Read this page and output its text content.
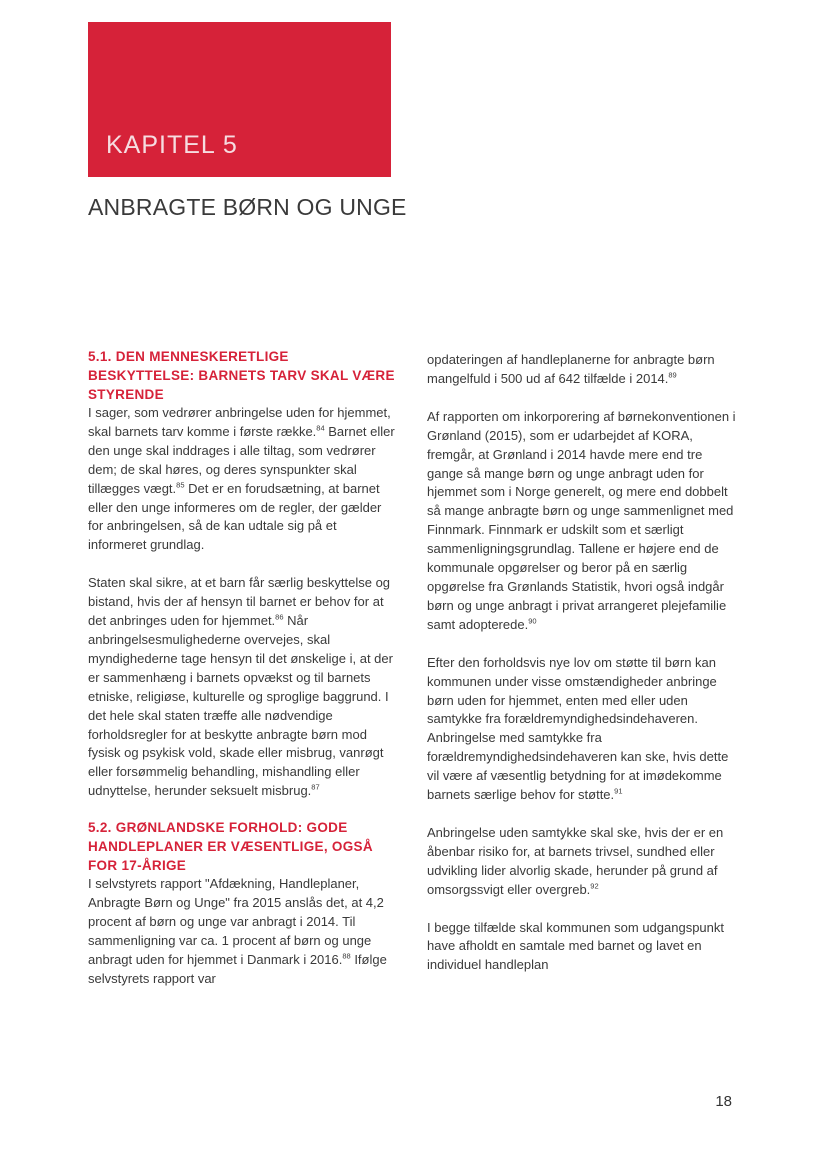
KAPITEL 5
ANBRAGTE BØRN OG UNGE
5.1. DEN MENNESKERETLIGE BESKYTTELSE: BARNETS TARV SKAL VÆRE STYRENDE

I sager, som vedrører anbringelse uden for hjemmet, skal barnets tarv komme i første række.$^{84}$ Barnet eller den unge skal inddrages i alle tiltag, som vedrører dem; de skal høres, og deres synspunkter skal tillægges vægt.$^{85}$ Det er en forudsætning, at barnet eller den unge informeres om de regler, der gælder for anbringelsen, så de kan udtale sig på et informeret grundlag.

Staten skal sikre, at et barn får særlig beskyttelse og bistand, hvis der af hensyn til barnet er behov for at det anbringes uden for hjemmet.$^{86}$ Når anbringelsesmulighederne overvejes, skal myndighederne tage hensyn til det ønskelige i, at der er sammenhæng i barnets opvækst og til barnets etniske, religiøse, kulturelle og sproglige baggrund. I det hele skal staten træffe alle nødvendige forholdsregler for at beskytte anbragte børn mod fysisk og psykisk vold, skade eller misbrug, vanrøgt eller forsømmelig behandling, mishandling eller udnyttelse, herunder seksuelt misbrug.$^{87}$

5.2. GRØNLANDSKE FORHOLD: GODE HANDLEPLANER ER VÆSENTLIGE, OGSÅ FOR 17-ÅRIGE

I selvstyrets rapport "Afdækning, Handleplaner, Anbragte Børn og Unge" fra 2015 anslås det, at 4,2 procent af børn og unge var anbragt i 2014. Til sammenligning var ca. 1 procent af børn og unge anbragt uden for hjemmet i Danmark i 2016.88 Ifølge selvstyrets rapport var

opdateringen af handleplanerne for anbragte børn mangelfuld i 500 ud af 642 tilfælde i 2014.89

Af rapporten om inkorporering af børnekonventionen i Grønland (2015), som er udarbejdet af KORA, fremgår, at Grønland i 2014 havde mere end tre gange så mange børn og unge anbragt uden for hjemmet som i Norge generelt, og mere end dobbelt så mange anbragte børn og unge sammenlignet med Finnmark. Finnmark er udskilt som et særligt sammenligningsgrundlag. Tallene er højere end de kommunale opgørelser og beror på en særlig opgørelse fra Grønlands Statistik, hvori også indgår børn og unge anbragt i privat arrangeret plejefamilie samt adopterede.$^{90}$

Efter den forholdsvis nye lov om støtte til børn kan kommunen under visse omstændigheder anbringe børn uden for hjemmet, enten med eller uden samtykke fra forældremyndighedsindehaveren. Anbringelse med samtykke fra forældremyndighedsindehaveren kan ske, hvis dette vil være af væsentlig betydning for at imødekomme barnets særlige behov for støtte.$^{91}$

Anbringelse uden samtykke skal ske, hvis der er en åbenbar risiko for, at barnets trivsel, sundhed eller udvikling lider alvorlig skade, herunder på grund af omsorgssvigt eller overgreb.$^{92}$

I begge tilfælde skal kommunen som udgangspunkt have afholdt en samtale med barnet og lavet en individuel handleplan

18
